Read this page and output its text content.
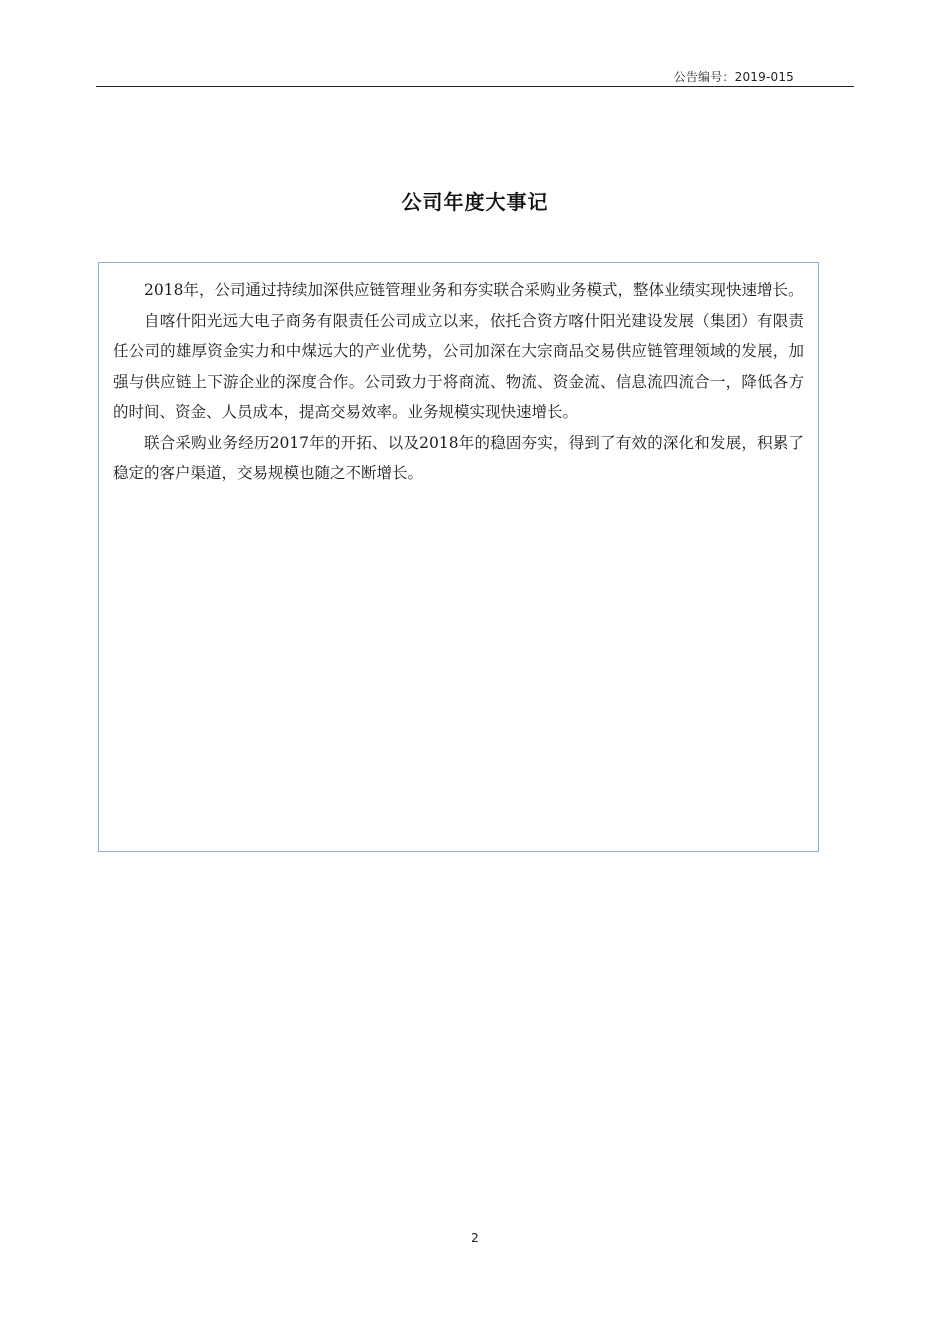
公告编号：2019-015
公司年度大事记

2018年，公司通过持续加深供应链管理业务和夯实联合采购业务模式，整体业绩实现快速增长。

自喀什阳光远大电子商务有限责任公司成立以来，依托合资方喀什阳光建设发展（集团）有限责任公司的雄厚资金实力和中煤远大的产业优势，公司加深在大宗商品交易供应链管理领域的发展，加强与供应链上下游企业的深度合作。公司致力于将商流、物流、资金流、信息流四流合一，降低各方的时间、资金、人员成本，提高交易效率。业务规模实现快速增长。

联合采购业务经历2017年的开拓、以及2018年的稳固夯实，得到了有效的深化和发展，积累了稳定的客户渠道，交易规模也随之不断增长。

2
